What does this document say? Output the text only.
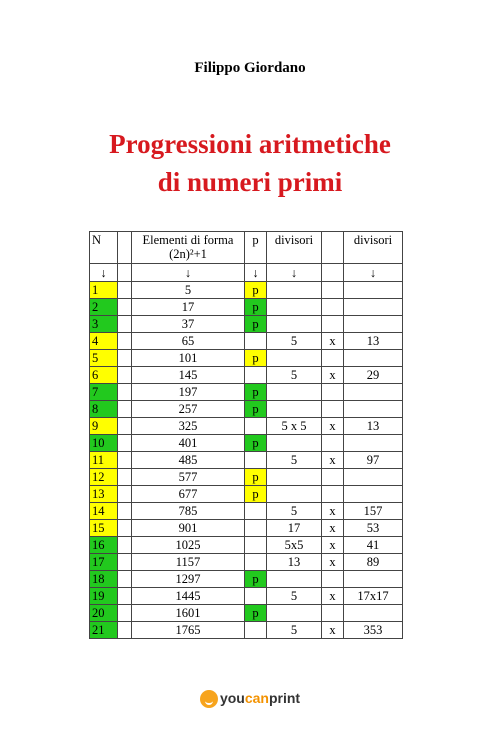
Filippo Giordano
Progressioni aritmetiche
di numeri primi
N		Elementi di forma
(2n)²+1	p	divisori		divisori
↓		↓	↓	↓		↓
1		5	p			
2		17	p			
3		37	p			
4		65		5	x	13
5		101	p			
6		145		5	x	29
7		197	p			
8		257	p			
9		325		5 x 5	x	13
10		401	p			
11		485		5	x	97
12		577	p			
13		677	p			
14		785		5	x	157
15		901		17	x	53
16		1025		5x5	x	41
17		1157		13	x	89
18		1297	p			
19		1445		5	x	17x17
20		1601	p			
21		1765		5	x	353
youcanprint
